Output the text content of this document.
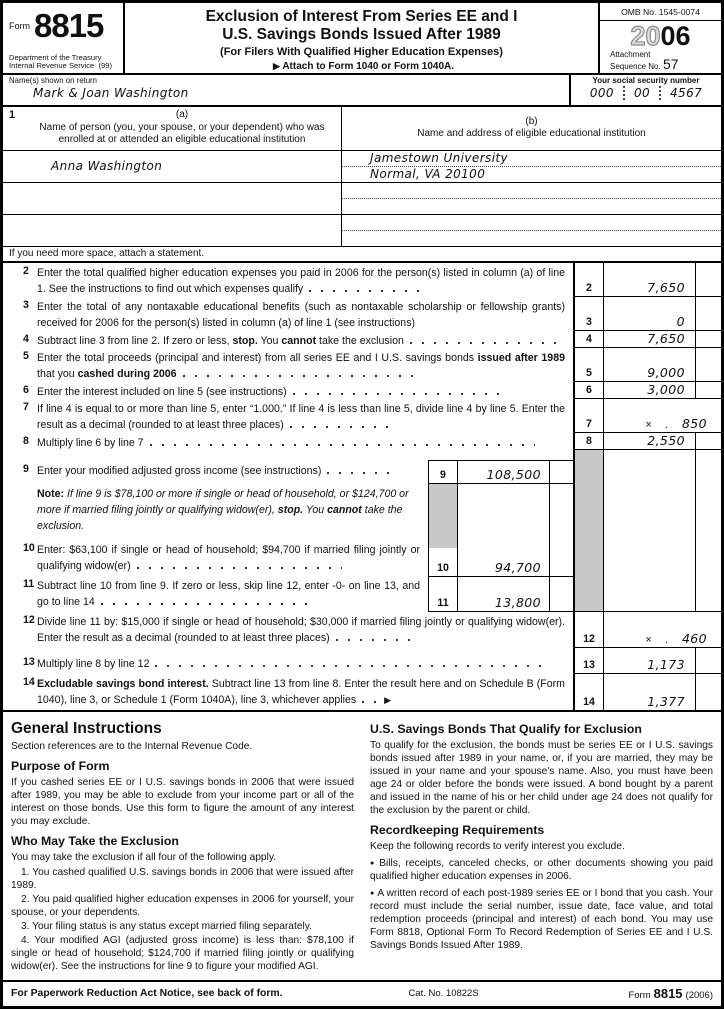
$^{Form}$ 8815
Department of the Treasury
Internal Revenue Service (99)
Exclusion of Interest From Series EE and I
U.S. Savings Bonds Issued After 1989
(For Filers With Qualified Higher Education Expenses)
▶ Attach to Form 1040 or Form 1040A.
OMB No. 1545-0074
2006
Attachment
Sequence No. 57
Name(s) shown on return
Mark & Joan Washington
Your social security number
000	00	4567
1	(a)
Name of person (you, your spouse, or your dependent) who was enrolled at or attended an eligible educational institution
(b)
Name and address of eligible educational institution
Anna Washington
Jamestown University
Normal, VA 20100
If you need more space, attach a statement.
2 Enter the total qualified higher education expenses you paid in 2006 for the person(s) listed in column (a) of line 1. See the instructions to find out which expenses qualify	2	7,650
3 Enter the total of any nontaxable educational benefits (such as nontaxable scholarship or fellowship grants) received for 2006 for the person(s) listed in column (a) of line 1 (see instructions)	3	0
4 Subtract line 3 from line 2. If zero or less, stop. You cannot take the exclusion	4	7,650
5 Enter the total proceeds (principal and interest) from all series EE and I U.S. savings bonds issued after 1989 that you cashed during 2006	5	9,000
6 Enter the interest included on line 5 (see instructions)	6	3,000
7 If line 4 is equal to or more than line 5, enter “1.000.” If line 4 is less than line 5, divide line 4 by line 5. Enter the result as a decimal (rounded to at least three places)	7	× . 850
8 Multiply line 6 by line 7	8	2,550
9 Enter your modified adjusted gross income (see instructions)
Note: If line 9 is $78,100 or more if single or head of household, or $124,700 or more if married filing jointly or qualifying widow(er), stop. You cannot take the exclusion.
10 Enter: $63,100 if single or head of household; $94,700 if married filing jointly or qualifying widow(er)
11 Subtract line 10 from line 9. If zero or less, skip line 12, enter -0- on line 13, and go to line 14
9	108,500
10	94,700
11	13,800
12 Divide line 11 by: $15,000 if single or head of household; $30,000 if married filing jointly or qualifying widow(er). Enter the result as a decimal (rounded to at least three places)	12	× . 460
13 Multiply line 8 by line 12	13	1,173
14 Excludable savings bond interest. Subtract line 13 from line 8. Enter the result here and on Schedule B (Form 1040), line 3, or Schedule 1 (Form 1040A), line 3, whichever applies	▶	14	1,377
General Instructions

Section references are to the Internal Revenue Code.

Purpose of Form

If you cashed series EE or I U.S. savings bonds in 2006 that were issued after 1989, you may be able to exclude from your income part or all of the interest on those bonds. Use this form to figure the amount of any interest you may exclude.

Who May Take the Exclusion

You may take the exclusion if all four of the following apply.

1. You cashed qualified U.S. savings bonds in 2006 that were issued after 1989.

2. You paid qualified higher education expenses in 2006 for yourself, your spouse, or your dependents.

3. Your filing status is any status except married filing separately.

4. Your modified AGI (adjusted gross income) is less than: $78,100 if single or head of household; $124,700 if married filing jointly or qualifying widow(er). See the instructions for line 9 to figure your modified AGI.

U.S. Savings Bonds That Qualify for Exclusion

To qualify for the exclusion, the bonds must be series EE or I U.S. savings bonds issued after 1989 in your name, or, if you are married, they may be issued in your name and your spouse's name. Also, you must have been age 24 or older before the bonds were issued. A bond bought by a parent and issued in the name of his or her child under age 24 does not qualify for the exclusion by the parent or child.

Recordkeeping Requirements

Keep the following records to verify interest you exclude.

● Bills, receipts, canceled checks, or other documents showing you paid qualified higher education expenses in 2006.

● A written record of each post-1989 series EE or I bond that you cash. Your record must include the serial number, issue date, face value, and total redemption proceeds (principal and interest) of each bond. You may use Form 8818, Optional Form To Record Redemption of Series EE and I U.S. Savings Bonds Issued After 1989.

For Paperwork Reduction Act Notice, see back of form.	Cat. No. 10822S	Form 8815 (2006)
